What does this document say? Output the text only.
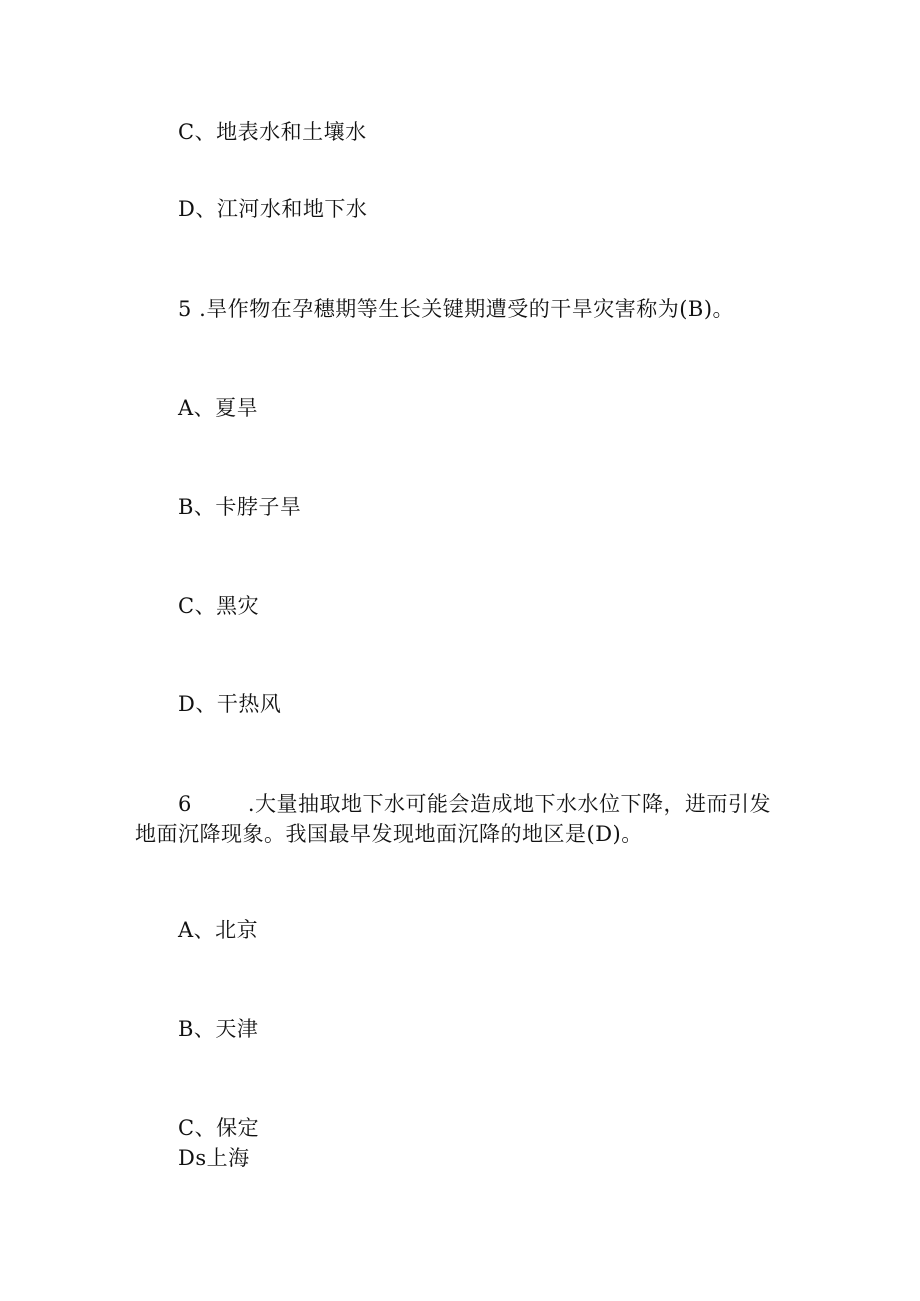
C、地表水和土壤水
D、江河水和地下水
5 .旱作物在孕穗期等生长关键期遭受的干旱灾害称为(B)。
A、夏旱
B、卡脖子旱
C、黑灾
D、干热风
6	.大量抽取地下水可能会造成地下水水位下降，进而引发
地面沉降现象。我国最早发现地面沉降的地区是(D)。
A、北京
B、天津
C、保定
Ds上海
